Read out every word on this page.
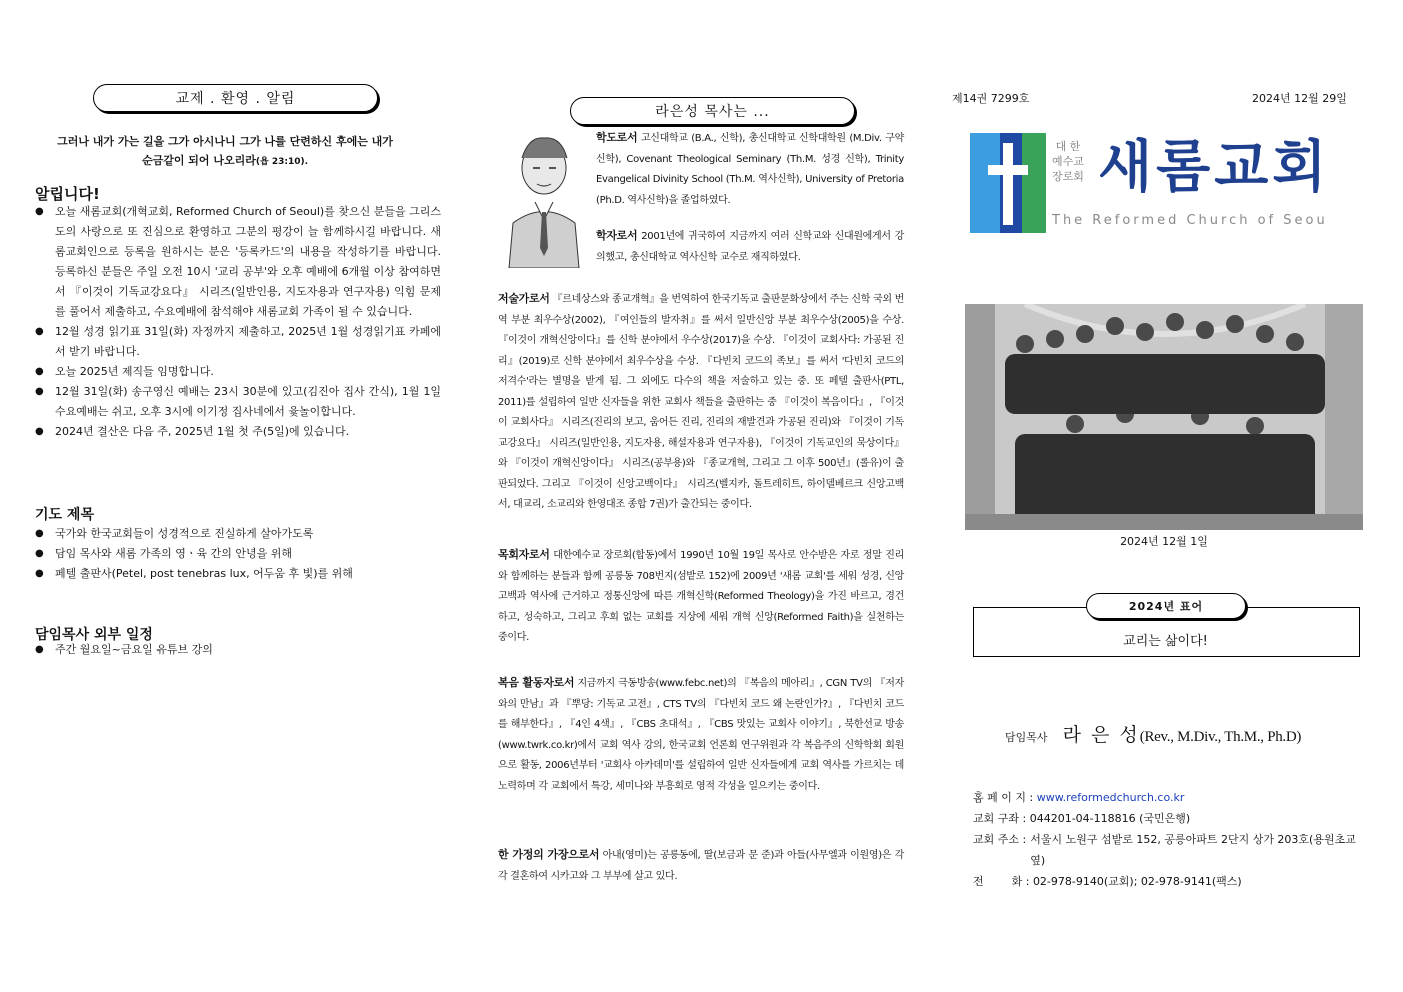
교제 . 환영 . 알림
그러나 내가 가는 길을 그가 아시나니 그가 나를 단련하신 후에는 내가
순금같이 되어 나오리라(욥 23:10).
알립니다!
● 오늘 새롬교회(개혁교회, Reformed Church of Seoul)를 찾으신 분들을 그리스도의 사랑으로 또 진심으로 환영하고 그분의 평강이 늘 함께하시길 바랍니다. 새롬교회인으로 등록을 원하시는 분은 '등록카드'의 내용을 작성하기를 바랍니다. 등록하신 분들은 주일 오전 10시 '교리 공부'와 오후 예배에 6개월 이상 참여하면서 『이것이 기독교강요다』 시리즈(일반인용, 지도자용과 연구자용) 익힘 문제를 풀어서 제출하고, 수요예배에 참석해야 새롬교회 가족이 될 수 있습니다.
● 12월 성경 읽기표 31일(화) 자정까지 제출하고, 2025년 1월 성경읽기표 카페에서 받기 바랍니다.
● 오늘 2025년 제직들 임명합니다.
● 12월 31일(화) 송구영신 예배는 23시 30분에 있고(김진아 집사 간식), 1월 1일 수요예배는 쉬고, 오후 3시에 이기정 집사네에서 윷놀이합니다.
● 2024년 결산은 다음 주, 2025년 1월 첫 주(5일)에 있습니다.
기도 제목
● 국가와 한국교회들이 성경적으로 진실하게 살아가도록
● 담임 목사와 새롬 가족의 영ㆍ육 간의 안녕을 위해
● 페텔 출판사(Petel, post tenebras lux, 어두움 후 빛)를 위해
담임목사 외부 일정
● 주간 월요일~금요일 유튜브 강의
라은성 목사는 ...
학도로서 고신대학교 (B.A., 신학), 총신대학교 신학대학원 (M.Div. 구약신학), Covenant Theological Seminary (Th.M. 성경 신학), Trinity Evangelical Divinity School (Th.M. 역사신학), University of Pretoria (Ph.D. 역사신학)을 졸업하였다.
학자로서 2001년에 귀국하여 지금까지 여러 신학교와 신대원에게서 강의했고, 총신대학교 역사신학 교수로 재직하였다.
저술가로서 『르네상스와 종교개혁』을 번역하여 한국기독교 출판문화상에서 주는 신학 국외 번역 부분 최우수상(2002), 『여인들의 발자취』를 써서 일반신앙 부분 최우수상(2005)을 수상. 『이것이 개혁신앙이다』를 신학 분야에서 우수상(2017)을 수상. 『이것이 교회사다: 가공된 진리』(2019)로 신학 분야에서 최우수상을 수상. 『다빈치 코드의 족보』를 써서 '다빈치 코드의 저격수'라는 별명을 받게 됨. 그 외에도 다수의 책을 저술하고 있는 중. 또 페텔 출판사(PTL, 2011)를 설립하여 일반 신자들을 위한 교회사 책들을 출판하는 중 『이것이 복음이다』, 『이것이 교회사다』 시리즈(진리의 보고, 움어든 진리, 진리의 재발견과 가공된 진리)와 『이것이 기독교강요다』 시리즈(일반인용, 지도자용, 해설자용과 연구자용), 『이것이 기독교인의 묵상이다』와 『이것이 개혁신앙이다』 시리즈(공부용)와 『종교개혁, 그리고 그 이후 500년』(롤유)이 출판되었다. 그리고 『이것이 신앙고백이다』 시리즈(벨지카, 돌트레히트, 하이델베르크 신앙고백서, 대교리, 소교리와 한영대조 종합 7권)가 출간되는 중이다.
목회자로서 대한예수교 장로회(합동)에서 1990년 10월 19일 목사로 안수받은 자로 정말 진리와 함께하는 분들과 함께 공릉동 708번지(섬밭로 152)에 2009년 '새롬 교회'를 세워 성경, 신앙고백과 역사에 근거하고 정통신앙에 따른 개혁신학(Reformed Theology)을 가진 바르고, 경건하고, 성숙하고, 그리고 후회 없는 교회를 지상에 세워 개혁 신앙(Reformed Faith)을 실천하는 중이다.
복음 활동자로서 지금까지 극동방송(www.febc.net)의 『복음의 메아리』, CGN TV의 『저자와의 만남』과 『뿌당: 기독교 고전』, CTS TV의 『다빈치 코드 왜 논란인가?』, 『다빈치 코드를 해부한다』, 『4인 4색』, 『CBS 초대석』, 『CBS 맛있는 교회사 이야기』, 북한선교 방송(www.twrk.co.kr)에서 교회 역사 강의, 한국교회 언론회 연구위원과 각 복음주의 신학학회 회원으로 활동, 2006년부터 '교회사 아카데미'를 설립하여 일반 신자들에게 교회 역사를 가르치는 데 노력하며 각 교회에서 특강, 세미나와 부흥회로 영적 각성을 일으키는 중이다.
한 가정의 가장으로서 아내(영미)는 공릉동에, 딸(보금과 문 준)과 아들(사무엘과 이원영)은 각각 결혼하여 시카고와 그 부부에 살고 있다.
제14권 7299호	2024년 12월 29일
대 한
예수교
장로회 새롬교회
The Reformed Church of Seou
2024년 12월 1일
2024년 표어
교리는 삶이다!
담임목사 라 은 성(Rev., M.Div., Th.M., Ph.D)
홈 페 이 지 : www.reformedchurch.co.kr
교회 구좌 : 044201-04-118816 (국민은행)
교회 주소 : 서울시 노원구 섬밭로 152, 공릉아파트 2단지 상가 203호(용원초교 옆)
전        화 : 02-978-9140(교회); 02-978-9141(팩스)
